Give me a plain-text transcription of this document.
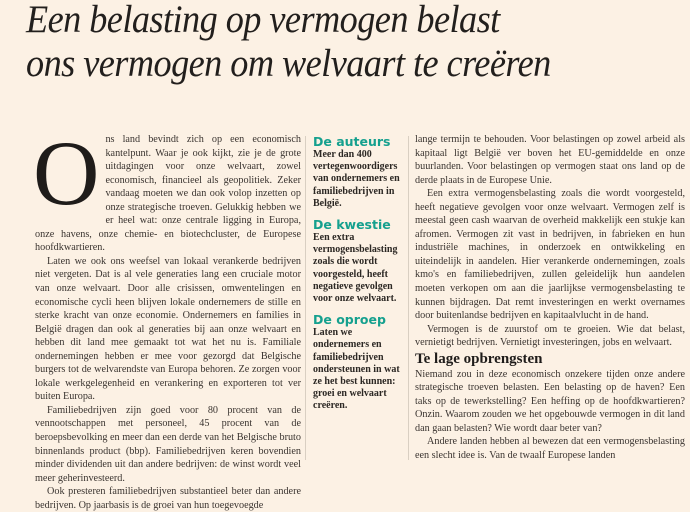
Een belasting op vermogen belast
ons vermogen om welvaart te creëren

Ons land bevindt zich op een economisch kantelpunt. Waar je ook kijkt, zie je de grote uitdagingen voor onze welvaart, zowel economisch, financieel als geopolitiek. Zeker vandaag moeten we dan ook volop inzetten op onze strategische troeven. Gelukkig hebben we er heel wat: onze centrale ligging in Europa, onze havens, onze chemie- en biotechcluster, de Europese hoofdkwartieren.

Laten we ook ons weefsel van lokaal verankerde bedrijven niet vergeten. Dat is al vele generaties lang een cruciale motor van onze welvaart. Door alle crisissen, omwentelingen en economische cycli heen blijven lokale ondernemers de stille en sterke kracht van onze economie. Ondernemers en families in België dragen dan ook al generaties bij aan onze welvaart en hebben dit land mee gemaakt tot wat het nu is. Familiale ondernemingen hebben er mee voor gezorgd dat Belgische burgers tot de welvarendste van Europa behoren. Ze zorgen voor lokale werkgelegenheid en verankering en exporteren tot ver buiten Europa.

Familiebedrijven zijn goed voor 80 procent van de vennootschappen met personeel, 45 procent van de beroepsbevolking en meer dan een derde van het Belgische bruto binnenlands product (bbp). Familiebedrijven keren bovendien minder dividenden uit dan andere bedrijven: de winst wordt veel meer geherinvesteerd.

Ook presteren familiebedrijven substantieel beter dan andere bedrijven. Op jaarbasis is de groei van hun toegevoegde

De auteurs

Meer dan 400 vertegenwoordigers van ondernemers en familiebedrijven in België.

De kwestie

Een extra vermogensbelasting zoals die wordt voorgesteld, heeft negatieve gevolgen voor onze welvaart.

De oproep

Laten we ondernemers en familiebedrijven ondersteunen in wat ze het best kunnen: groei en welvaart creëren.

lange termijn te behouden. Voor belastingen op zowel arbeid als kapitaal ligt België ver boven het EU-gemiddelde en onze buurlanden. Voor belastingen op vermogen staat ons land op de derde plaats in de Europese Unie.

Een extra vermogensbelasting zoals die wordt voorgesteld, heeft negatieve gevolgen voor onze welvaart. Vermogen zelf is meestal geen cash waarvan de overheid makkelijk een stukje kan afromen. Vermogen zit vast in bedrijven, in fabrieken en hun industriële machines, in onderzoek en ontwikkeling en uiteindelijk in aandelen. Hier verankerde ondernemingen, zoals kmo's en familiebedrijven, zullen geleidelijk hun aandelen moeten verkopen om aan die jaarlijkse vermogensbelasting te kunnen bijdragen. Dat remt investeringen en werkt overnames door buitenlandse bedrijven en kapitaalvlucht in de hand.

Vermogen is de zuurstof om te groeien. Wie dat belast, vernietigt bedrijven. Vernietigt investeringen, jobs en welvaart.

Te lage opbrengsten

Niemand zou in deze economisch onzekere tijden onze andere strategische troeven belasten. Een belasting op de haven? Een taks op de tewerkstelling? Een heffing op de hoofdkwartieren? Onzin. Waarom zouden we het opgebouwde vermogen in dit land dan gaan belasten? Wie wordt daar beter van?

Andere landen hebben al bewezen dat een vermogensbelasting een slecht idee is. Van de twaalf Europese landen
